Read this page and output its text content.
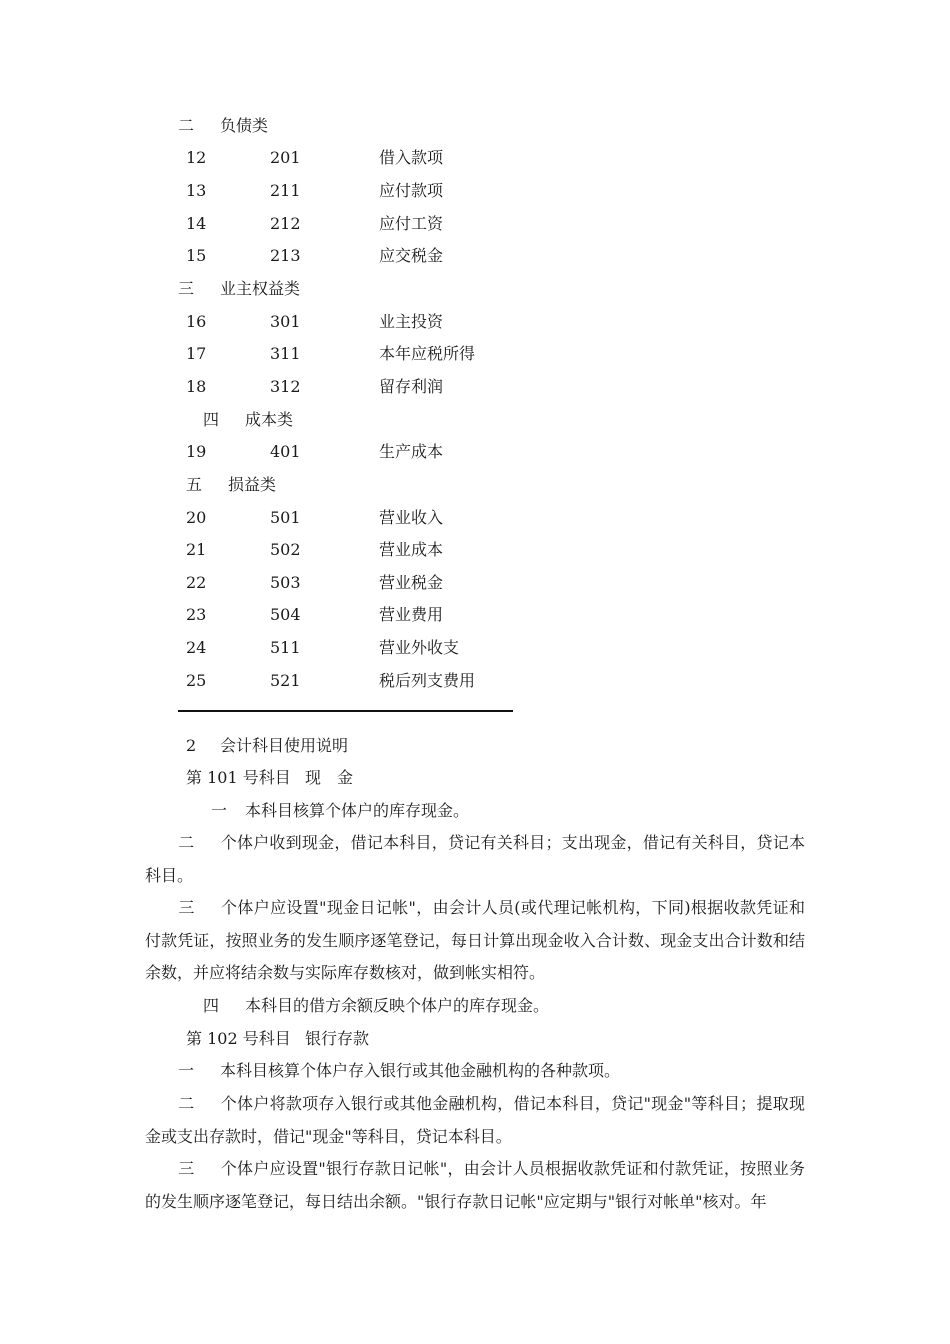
二 负债类
12	201	借入款项
13	211	应付款项
14	212	应付工资
15	213	应交税金
三 业主权益类
16	301	业主投资
17	311	本年应税所得
18	312	留存利润
四 成本类
19	401	生产成本
五 损益类
20	501	营业收入
21	502	营业成本
22	503	营业税金
23	504	营业费用
24	511	营业外收支
25	521	税后列支费用
2 会计科目使用说明
第 101 号科目 现　金
一 本科目核算个体户的库存现金。
二 个体户收到现金，借记本科目，贷记有关科目；支出现金，借记有关科目，贷记本科目。
三 个体户应设置"现金日记帐"，由会计人员(或代理记帐机构，下同)根据收款凭证和付款凭证，按照业务的发生顺序逐笔登记，每日计算出现金收入合计数、现金支出合计数和结余数，并应将结余数与实际库存数核对，做到帐实相符。
四 本科目的借方余额反映个体户的库存现金。
第 102 号科目 银行存款
一 本科目核算个体户存入银行或其他金融机构的各种款项。
二 个体户将款项存入银行或其他金融机构，借记本科目，贷记"现金"等科目；提取现金或支出存款时，借记"现金"等科目，贷记本科目。
三 个体户应设置"银行存款日记帐"，由会计人员根据收款凭证和付款凭证，按照业务的发生顺序逐笔登记，每日结出余额。"银行存款日记帐"应定期与"银行对帐单"核对。年
